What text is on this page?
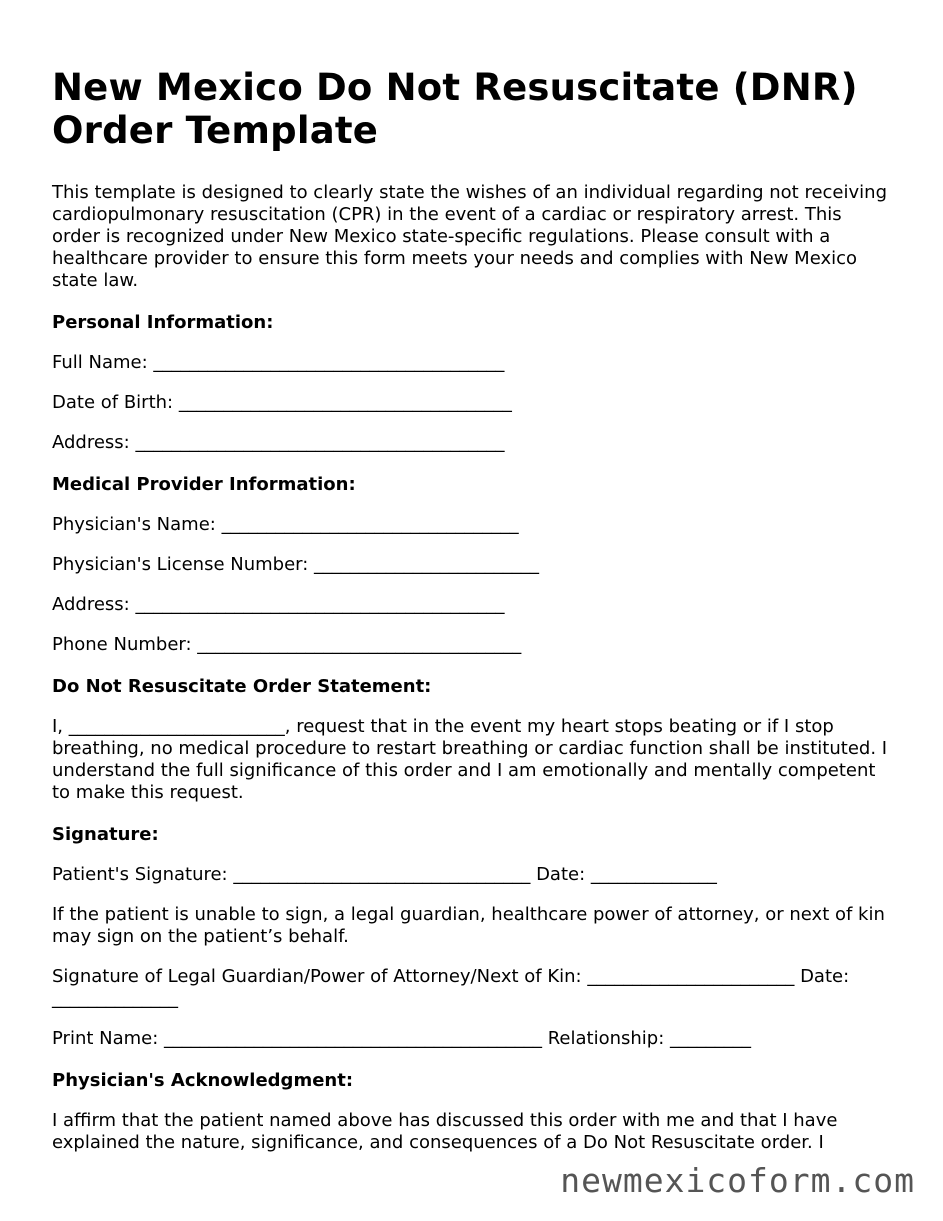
New Mexico Do Not Resuscitate (DNR) Order Template

This template is designed to clearly state the wishes of an individual regarding not receiving cardiopulmonary resuscitation (CPR) in the event of a cardiac or respiratory arrest. This order is recognized under New Mexico state-specific regulations. Please consult with a healthcare provider to ensure this form meets your needs and complies with New Mexico state law.

Personal Information:

Full Name: _______________________________________

Date of Birth: _____________________________________

Address: _________________________________________

Medical Provider Information:

Physician's Name: _________________________________

Physician's License Number: _________________________

Address: _________________________________________

Phone Number: ____________________________________

Do Not Resuscitate Order Statement:

I, ________________________, request that in the event my heart stops beating or if I stop breathing, no medical procedure to restart breathing or cardiac function shall be instituted. I understand the full significance of this order and I am emotionally and mentally competent to make this request.

Signature:

Patient's Signature: _________________________________ Date: ______________

If the patient is unable to sign, a legal guardian, healthcare power of attorney, or next of kin may sign on the patient’s behalf.

Signature of Legal Guardian/Power of Attorney/Next of Kin: _______________________ Date: ______________

Print Name: __________________________________________ Relationship: _________

Physician's Acknowledgment:

I affirm that the patient named above has discussed this order with me and that I have explained the nature, significance, and consequences of a Do Not Resuscitate order. I

newmexicoform.com
